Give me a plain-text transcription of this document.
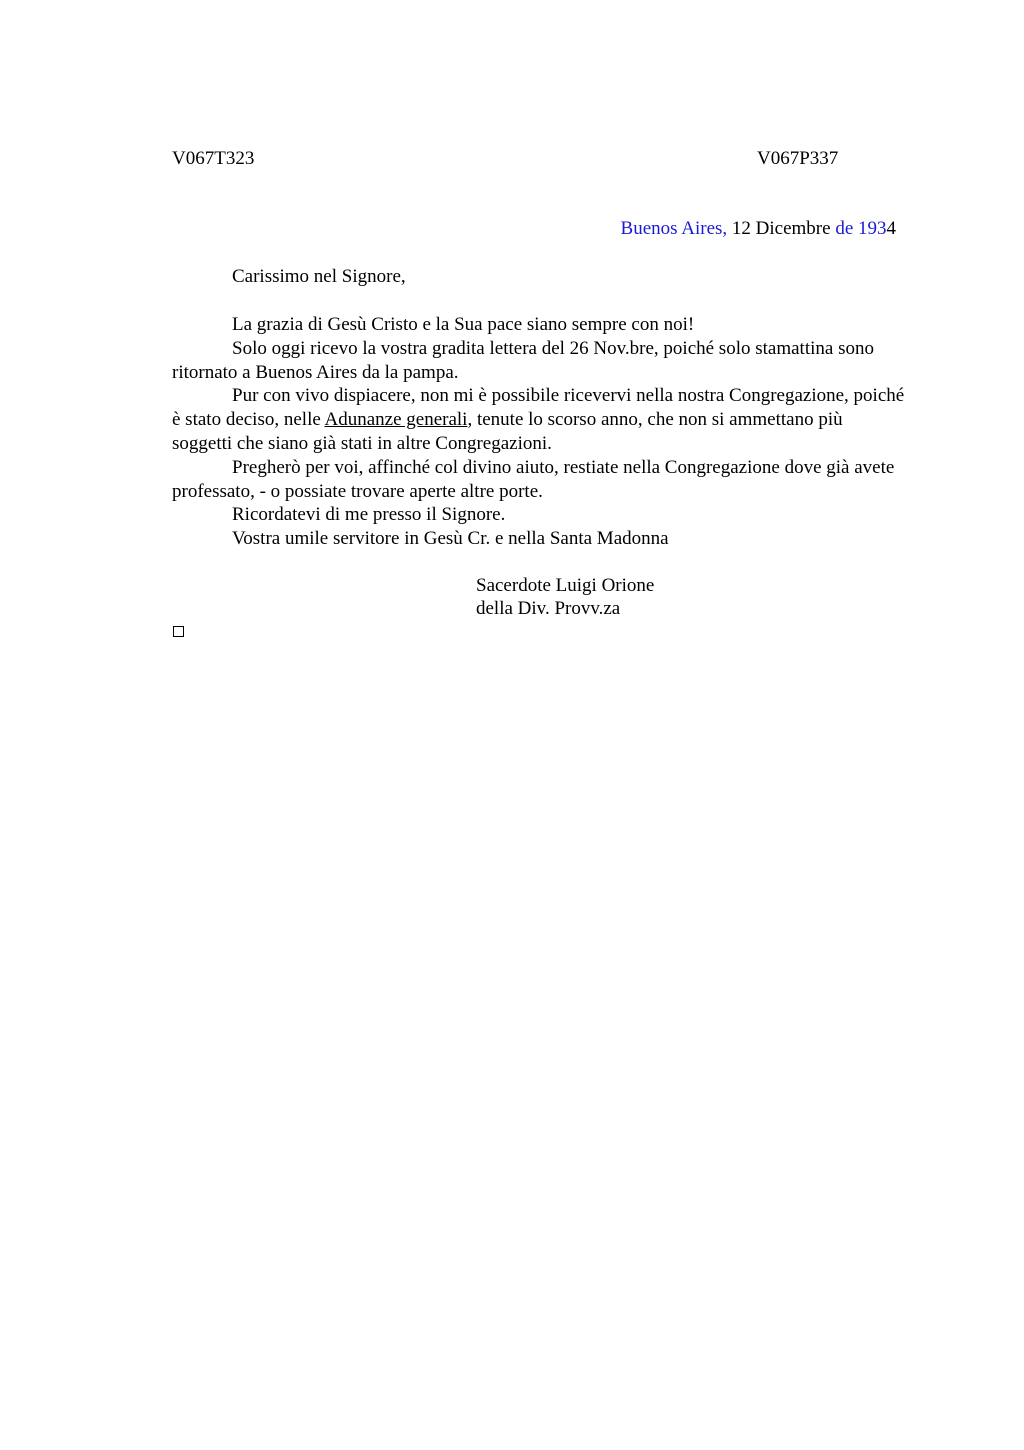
V067T323	V067P337
Buenos Aires, 12 Dicembre de 1934
Carissimo nel Signore,

La grazia di Gesù Cristo e la Sua pace siano sempre con noi!

Solo oggi ricevo la vostra gradita lettera del 26 Nov.bre, poiché solo stamattina sono ritornato a Buenos Aires da la pampa.

Pur con vivo dispiacere, non mi è possibile ricevervi nella nostra Congregazione, poiché è stato deciso, nelle Adunanze generali, tenute lo scorso anno, che non si ammettano più soggetti che siano già stati in altre Congregazioni.

Pregherò per voi, affinché col divino aiuto, restiate nella Congregazione dove già avete professato, - o possiate trovare aperte altre porte.

Ricordatevi di me presso il Signore.

Vostra umile servitore in Gesù Cr. e nella Santa Madonna

Sacerdote Luigi Orione
della Div. Provv.za
